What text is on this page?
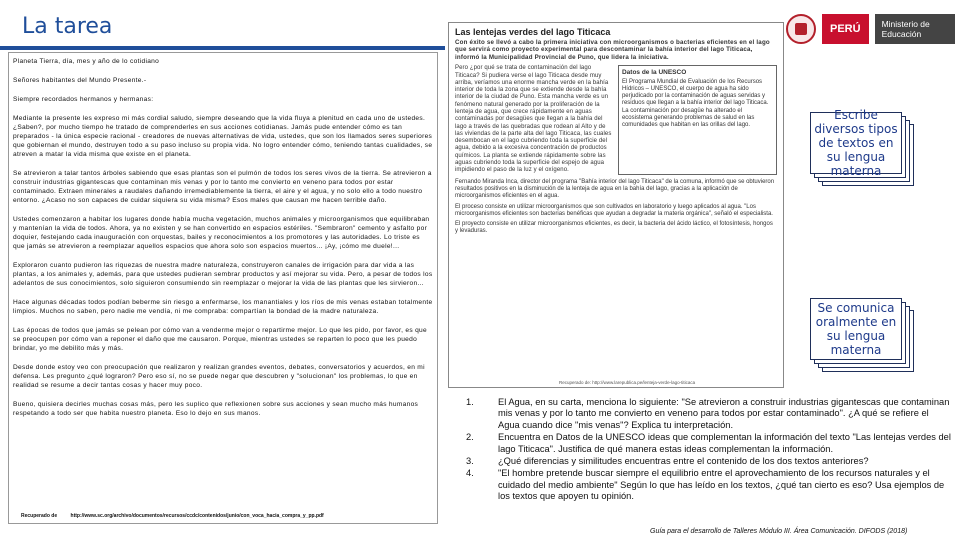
La tarea	PERÚ	Ministerio de Educación

Planeta Tierra, día, mes y año de lo cotidiano

Señores habitantes del Mundo Presente.-

Siempre recordados hermanos y hermanas:

Mediante la presente les expreso mi más cordial saludo, siempre deseando que la vida fluya a plenitud en cada uno de ustedes. ¿Saben?, por mucho tiempo he tratado de comprenderles en sus acciones cotidianas. Jamás pude entender cómo es tan preparados - la única especie racional - creadores de nuevas alternativas de vida, ustedes, que son los llamados seres superiores que gobiernan el mundo, destruyen todo a su paso incluso su propia vida. No logro entender cómo, teniendo tantas cualidades, se atreven a matar la vida misma que existe en el planeta.

Se atrevieron a talar tantos árboles sabiendo que esas plantas son el pulmón de todos los seres vivos de la tierra. Se atrevieron a construir industrias gigantescas que contaminan mis venas y por lo tanto me convierto en veneno para todos por estar contaminado. Extraen minerales a raudales dañando irremediablemente la tierra, el aire y el agua, y no solo ello a todo nuestro entorno. ¿Acaso no son capaces de cuidar siquiera su vida misma? Esos males que causan me hacen terrible daño.

Ustedes comenzaron a habitar los lugares donde había mucha vegetación, muchos animales y microorganismos que equilibraban y mantenían la vida de todos. Ahora, ya no existen y se han convertido en espacios estériles. "Sembraron" cemento y asfalto por doquier, festejando cada inauguración con orquestas, bailes y reconocimientos a los promotores y las autoridades. Lo triste es que jamás se atrevieron a reemplazar aquellos espacios que ahora solo son espacios muertos... ¡Ay, ¡cómo me duele!...

Exploraron cuanto pudieron las riquezas de nuestra madre naturaleza, construyeron canales de irrigación para dar vida a las plantas, a los animales y, además, para que ustedes pudieran sembrar productos y así mejorar su vida. Pero, a pesar de todos los adelantos de sus conocimientos, solo siguieron consumiendo sin reemplazar o mejorar la vida de las plantas que les sirvieron...

Hace algunas décadas todos podían beberme sin riesgo a enfermarse, los manantiales y los ríos de mis venas estaban totalmente limpios. Muchos no saben, pero nadie me vendía, ni me compraba: compartían la bondad de la madre naturaleza.

Las épocas de todos que jamás se pelean por cómo van a venderme mejor o repartirme mejor. Lo que les pido, por favor, es que se preocupen por cómo van a reponer el daño que me causaron. Porque, mientras ustedes se reparten lo poco que les puedo brindar, yo me debilito más y más.

Desde donde estoy veo con preocupación que realizaron y realizan grandes eventos, debates, conversatorios y acuerdos, en mi defensa. Les pregunto ¿qué lograron? Pero eso sí, no se puede negar que descubren y "solucionan" los problemas, lo que en realidad se resume a decir tantas cosas y hacer muy poco.

Bueno, quisiera decirles muchas cosas más, pero les suplico que reflexionen sobre sus acciones y sean mucho más humanos respetando a todo ser que habita nuestro planeta. Eso lo dejo en sus manos.

Recuperado de	http://www.sc.org/archivo/documentos/recursos/ccdc/contenidos/junio/con_voca_hacia_compra_y_pp.pdf
Las lentejas verdes del lago Titicaca
Con éxito se llevó a cabo la primera iniciativa con microorganismos o bacterias eficientes en el lago que servirá como proyecto experimental para descontaminar la bahía interior del lago Titicaca, informó la Municipalidad Provincial de Puno, que lidera la iniciativa.
Pero ¿por qué se trata de contaminación del lago Titicaca? Si pudiera verse el lago Titicaca desde muy arriba, veríamos una enorme mancha verde en la bahía interior de toda la zona que se extiende desde la bahía interior de la ciudad de Puno. Esta mancha verde es un fenómeno natural generado por la proliferación de la lenteja de agua, que crece rápidamente en aguas contaminadas por desagües que llegan a la bahía del lago a través de las quebradas que rodean al Alto y de las viviendas de la parte alta del lago Titicaca, las cuales desembocan en el lago cubriendo toda la superficie del agua, debido a la excesiva concentración de productos químicos. La planta se extiende rápidamente sobre las aguas cubriendo toda la superficie del espejo de agua impidiendo el paso de la luz y el oxígeno.
Datos de la UNESCO
El Programa Mundial de Evaluación de los Recursos Hídricos – UNESCO, el cuerpo de agua ha sido perjudicado por la contaminación de aguas servidas y residuos que llegan a la bahía interior del lago Titicaca. La contaminación por desagüe ha alterado el ecosistema generando problemas de salud en las comunidades que habitan en las orillas del lago.

Fernando Miranda Inca, director del programa "Bahía interior del lago Titicaca" de la comuna, informó que se obtuvieron resultados positivos en la disminución de la lenteja de agua en la bahía del lago, gracias a la aplicación de microorganismos eficientes en el agua.

El proceso consiste en utilizar microorganismos que son cultivados en laboratorio y luego aplicados al agua. "Los microorganismos eficientes son bacterias benéficas que ayudan a degradar la materia orgánica", señaló el especialista.

El proyecto consiste en utilizar microorganismos eficientes, es decir, la bacteria del ácido láctico, el fotosíntesis, hongos y levaduras.

Recuperado de: http://www.larepublica.pe/lenteja-verde-lago-titicaca
Escribe diversos tipos de textos en su lengua materna
Se comunica oralmente en su lengua materna
1.	El Agua, en su carta, menciona lo siguiente: "Se atrevieron a construir industrias gigantescas que contaminan mis venas y por lo tanto me convierto en veneno para todos por estar contaminado". ¿A qué se refiere el Agua cuando dice "mis venas"? Explica tu interpretación.
2.	Encuentra en Datos de la UNESCO ideas que complementan la información del texto "Las lentejas verdes del lago Titicaca". Justifica de qué manera estas ideas complementan la información.
3.	¿Qué diferencias y similitudes encuentras entre el contenido de los dos textos anteriores?
4.	"El hombre pretende buscar siempre el equilibrio entre el aprovechamiento de los recursos naturales y el cuidado del medio ambiente" Según lo que has leído en los textos, ¿qué tan cierto es eso? Usa ejemplos de los textos que apoyen tu opinión.
Guía para el desarrollo de Talleres Módulo III. Área Comunicación. DIFODS (2018)
